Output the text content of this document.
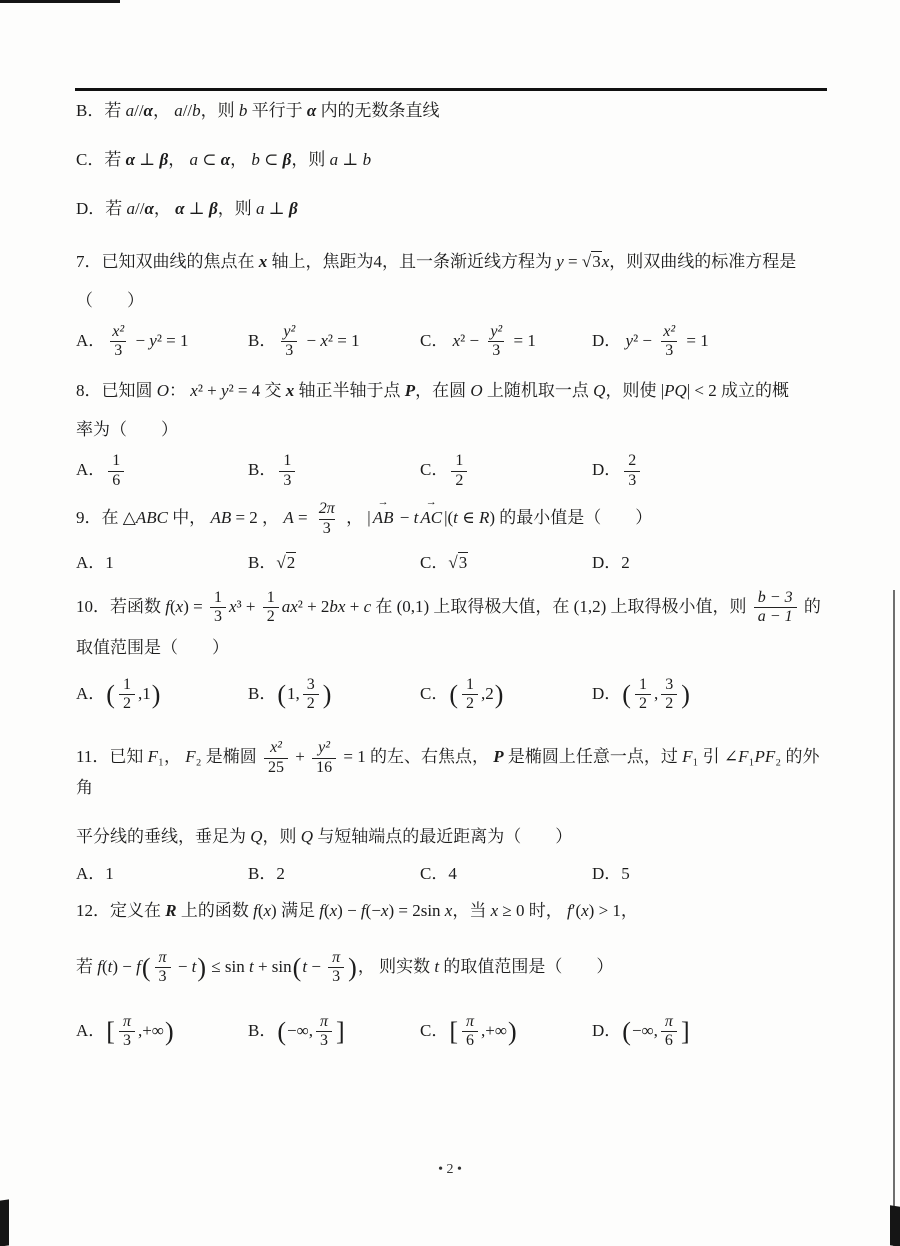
B．若 a//α， a//b，则 b 平行于 α 内的无数条直线
C．若 α ⊥ β， a ⊂ α， b ⊂ β，则 a ⊥ b
D．若 a//α， α ⊥ β，则 a ⊥ β
7．已知双曲线的焦点在 x 轴上，焦距为4，且一条渐近线方程为 y = √3x，则双曲线的标准方程是
（　　）
A． $\frac{\text{x²}}{3} - y^2 = 1$	B． $\frac{\text{y²}}{3} - x^2 = 1$	C． $x^2 - \frac{\text{y²}}{3} = 1$	D． $y^2 - \frac{\text{x²}}{3} = 1$
8．已知圆 O： x² + y² = 4 交 x 轴正半轴于点 P，在圆 O 上随机取一点 Q，则使 |PQ| < 2 成立的概
率为（　　）
A． $\frac{1}{6}$	B． $\frac{1}{3}$	C． $\frac{1}{2}$	D． $\frac{2}{3}$
9．在 △ABC 中， AB = 2 ， $A = \frac{2\pi}{3}$ ， | → AB − t → AC |(t ∈ R) 的最小值是（　　）
A．1	B．√2	C．√3	D．2
10．若函数 $f(x) = \frac{1}{3} x^3 + \frac{1}{2} ax^2 + 2bx + c$ 在 (0,1) 上取得极大值，在 (1,2) 上取得极小值，则 $\frac{b - 3}{a - 1}$ 的
取值范围是（　　）
A．( $\frac{1}{2} ,1$)	B．(1, $\frac{3}{2}$ )	C．( $\frac{1}{2} ,2$)	D．( $\frac{1}{2}$ , $\frac{3}{2}$ )
11．已知 F₁， F₂ 是椭圆 $\frac{\text{x²}}{25} + \frac{\text{y²}}{16} = 1$ 的左、右焦点， P 是椭圆上任意一点，过 F₁ 引 ∠F₁PF₂ 的外角
平分线的垂线，垂足为 Q，则 Q 与短轴端点的最近距离为（　　）
A．1	B．2	C．4	D．5
12．定义在 R 上的函数 f(x) 满足 f(x) − f(−x) = 2sin x，当 x ≥ 0 时， f′(x) > 1，
若 $f(t) - f( \frac{\pi}{3} - t) \le \sin t + \sin(t - \frac{\pi}{3}$ )， 则实数 t 的取值范围是（　　）
A．[ $\frac{\pi}{3}$ ,+∞)	B．(−∞, $\frac{\pi}{3}$ ]	C．[ $\frac{\pi}{6}$ ,+∞)	D．(−∞, $\frac{\pi}{6}$ ]
• 2 •
